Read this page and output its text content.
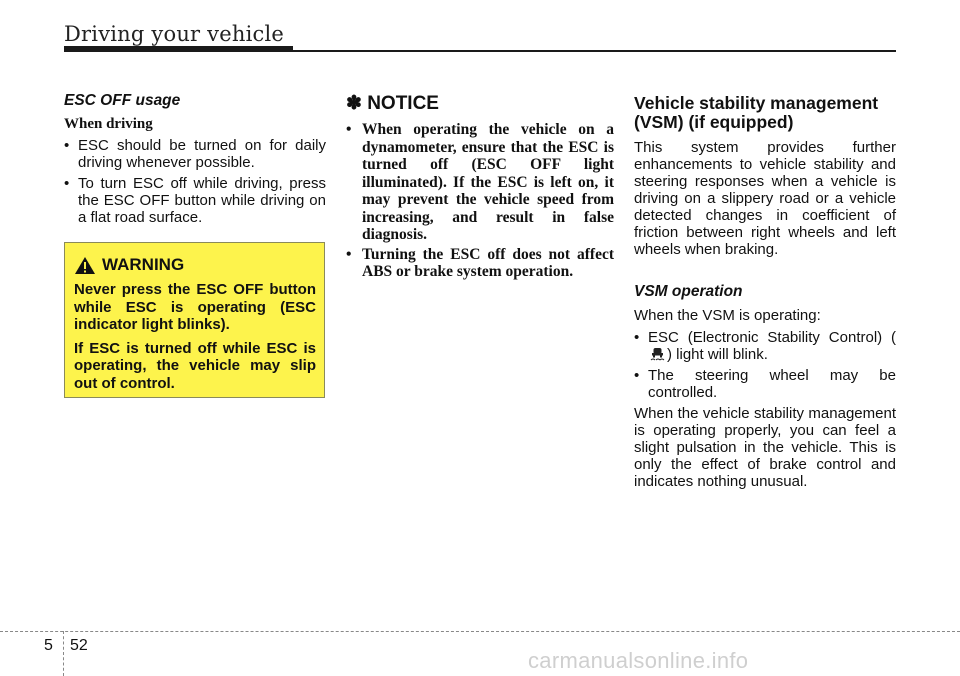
Driving your vehicle
ESC OFF usage
When driving
• ESC should be turned on for daily driving whenever possible.
• To turn ESC off while driving, press the ESC OFF button while driving on a flat road surface.
WARNING

Never press the ESC OFF button while ESC is operating (ESC indicator light blinks).

If ESC is turned off while ESC is operating, the vehicle may slip out of control.

✽ NOTICE
• When operating the vehicle on a dynamometer, ensure that the ESC is turned off (ESC OFF light illuminated). If the ESC is left on, it may prevent the vehicle speed from increasing, and result in false diagnosis.
• Turning the ESC off does not affect ABS or brake system operation.
Vehicle stability management (VSM) (if equipped)

This system provides further enhancements to vehicle stability and steering responses when a vehicle is driving on a slippery road or a vehicle detected changes in coefficient of friction between right wheels and left wheels when braking.

VSM operation

When the VSM is operating:

• ESC (Electronic Stability Control) ( ) light will blink.
• The steering wheel may be controlled.

When the vehicle stability management is operating properly, you can feel a slight pulsation in the vehicle. This is only the effect of brake control and indicates nothing unusual.

5 52
carmanualsonline.info
